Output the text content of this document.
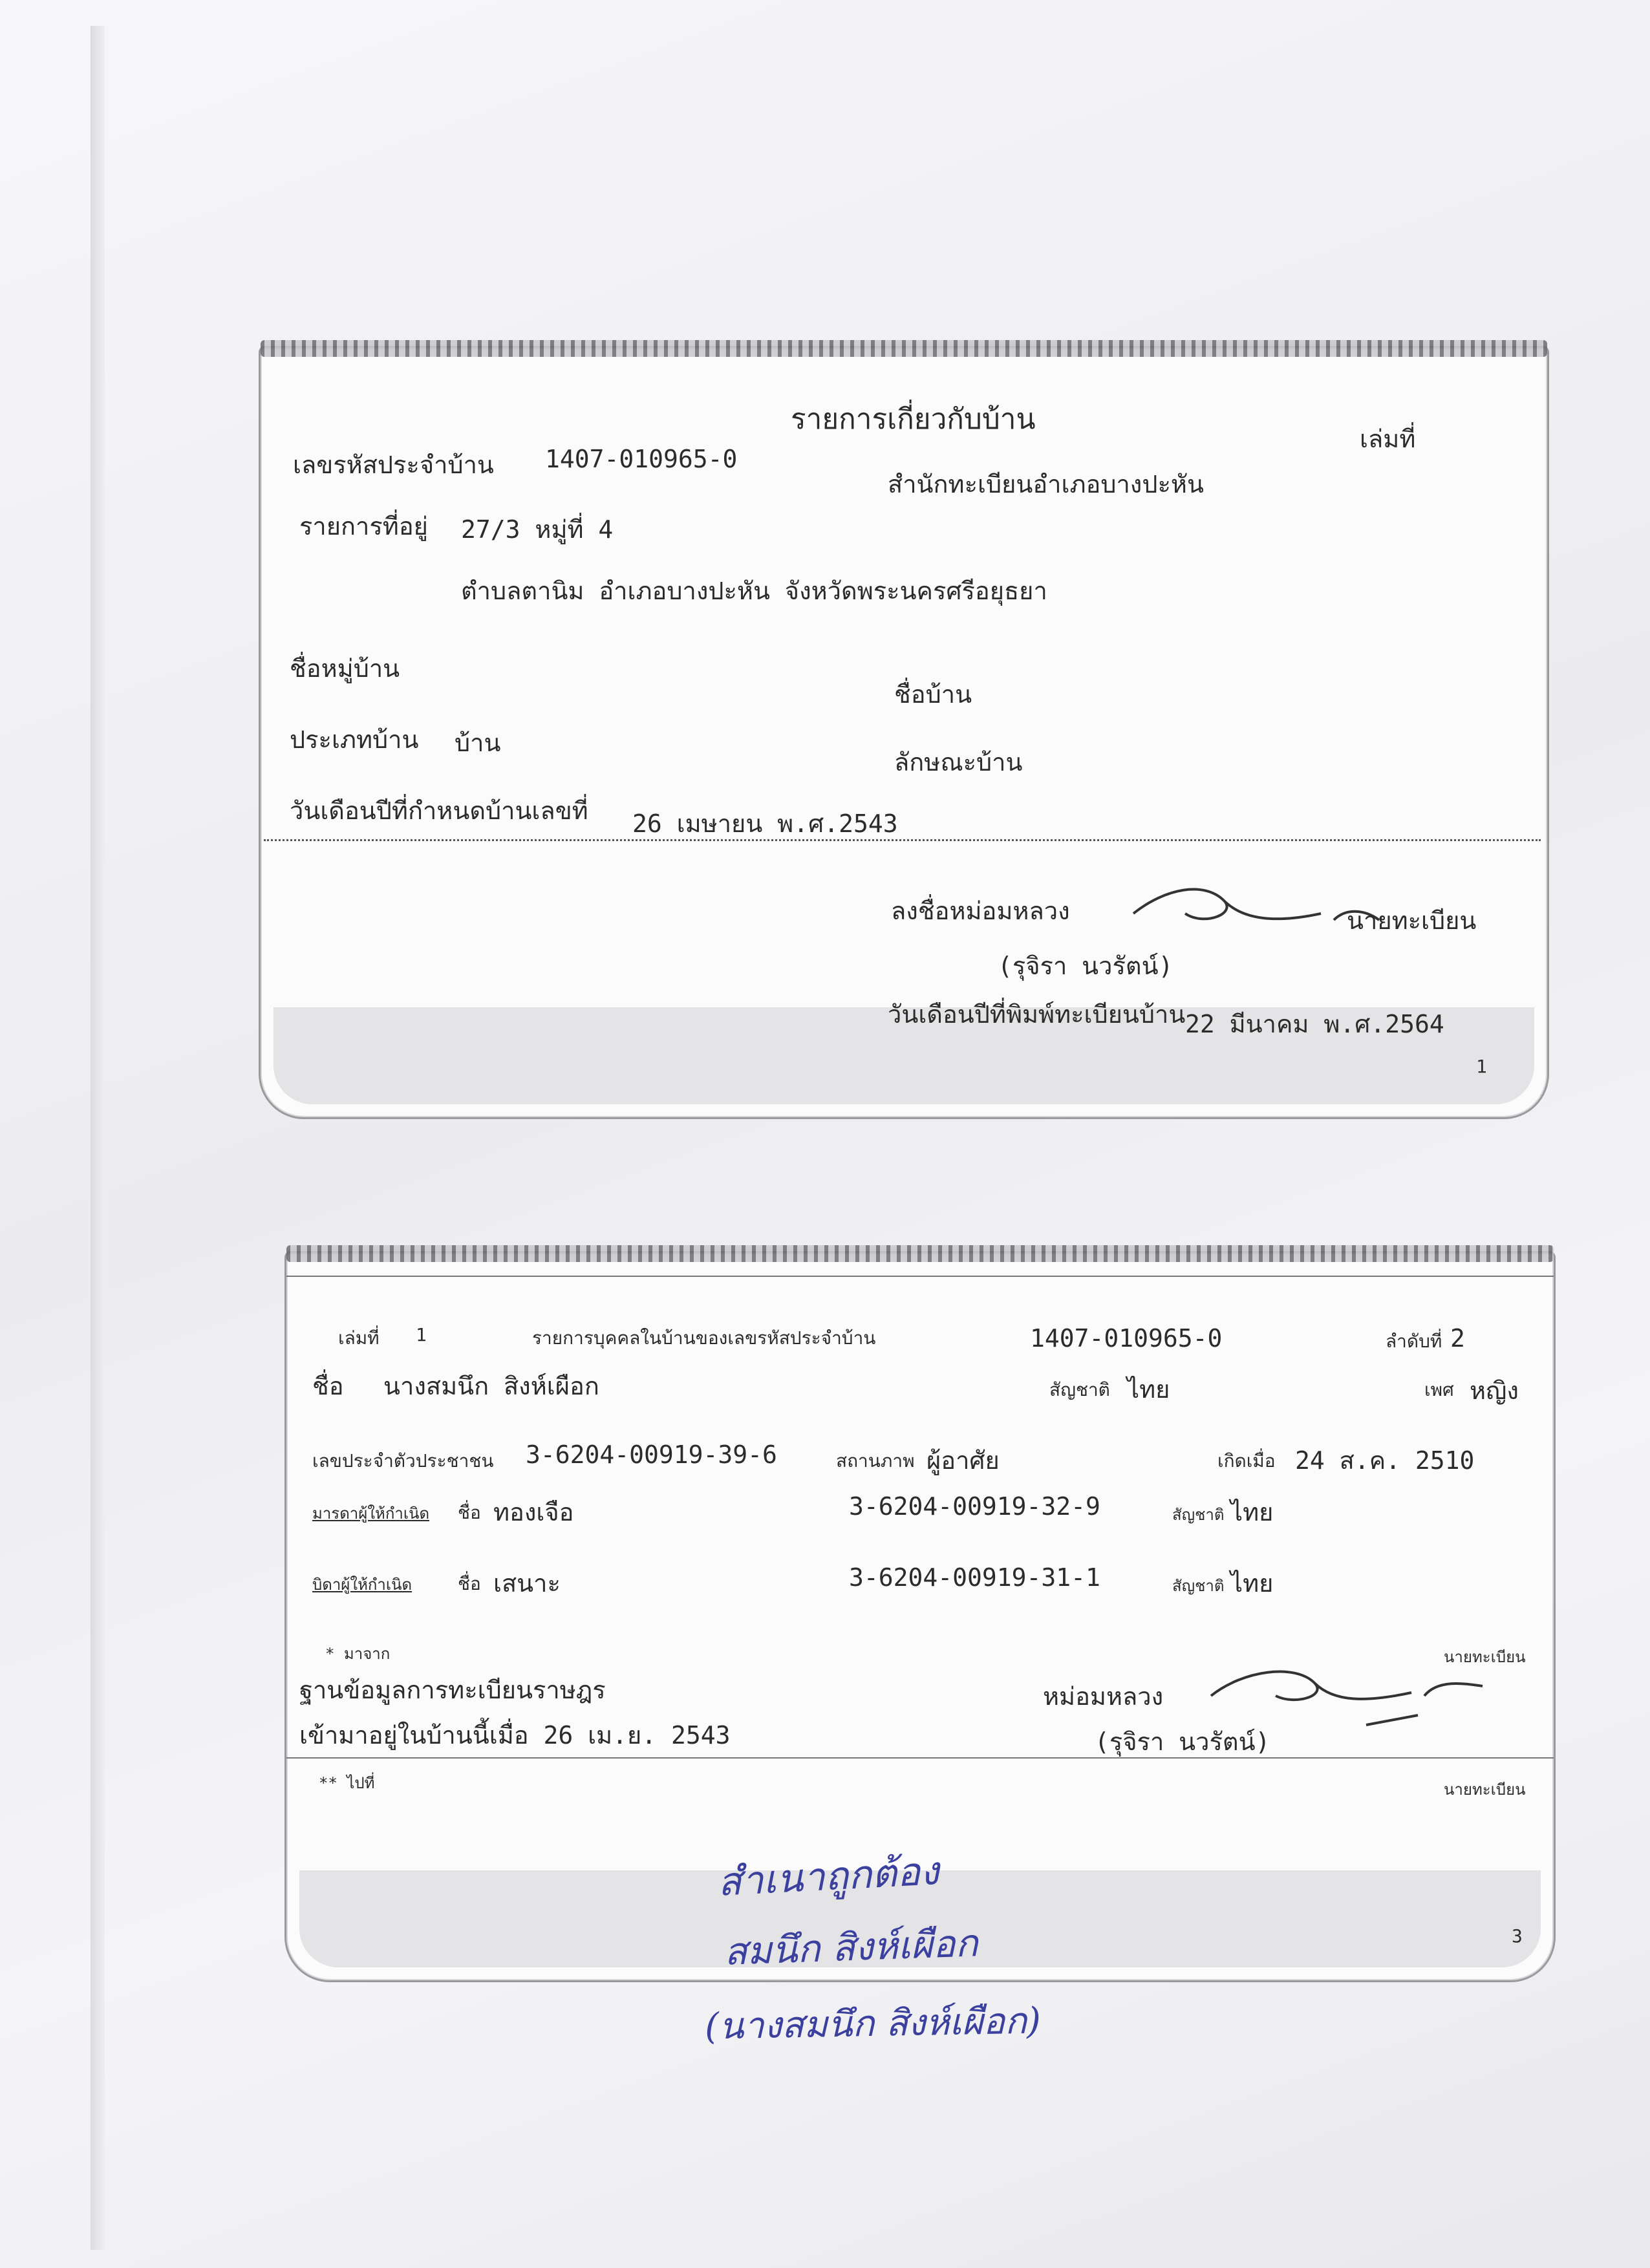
รายการเกี่ยวกับบ้าน
เล่มที่
เลขรหัสประจำบ้าน 1407-010965-0
สำนักทะเบียนอำเภอบางปะหัน
รายการที่อยู่ 27/3 หมู่ที่ 4
ตำบลตานิม อำเภอบางปะหัน จังหวัดพระนครศรีอยุธยา
ชื่อหมู่บ้าน
ชื่อบ้าน
ประเภทบ้าน บ้าน
ลักษณะบ้าน
วันเดือนปีที่กำหนดบ้านเลขที่ 26 เมษายน พ.ศ.2543
ลงชื่อหม่อมหลวง	นายทะเบียน
(รุจิรา นวรัตน์)
วันเดือนปีที่พิมพ์ทะเบียนบ้าน 22 มีนาคม พ.ศ.2564
1
เล่มที่ 1	รายการบุคคลในบ้านของเลขรหัสประจำบ้าน	1407-010965-0	ลำดับที่ 2
ชื่อ นางสมนึก สิงห์เผือก	สัญชาติ ไทย	เพศ หญิง
เลขประจำตัวประชาชน 3-6204-00919-39-6	สถานภาพ ผู้อาศัย	เกิดเมื่อ 24 ส.ค. 2510
มารดาผู้ให้กำเนิด ชื่อ ทองเจือ	3-6204-00919-32-9	สัญชาติ ไทย
บิดาผู้ให้กำเนิด	ชื่อ เสนาะ	3-6204-00919-31-1	สัญชาติ ไทย
* มาจาก	นายทะเบียน
ฐานข้อมูลการทะเบียนราษฎร	หม่อมหลวง
เข้ามาอยู่ในบ้านนี้เมื่อ 26 เม.ย. 2543	(รุจิรา นวรัตน์)
** ไปที่	นายทะเบียน
3
สำเนาถูกต้อง
สมนึก สิงห์เผือก
(นางสมนึก สิงห์เผือก)
